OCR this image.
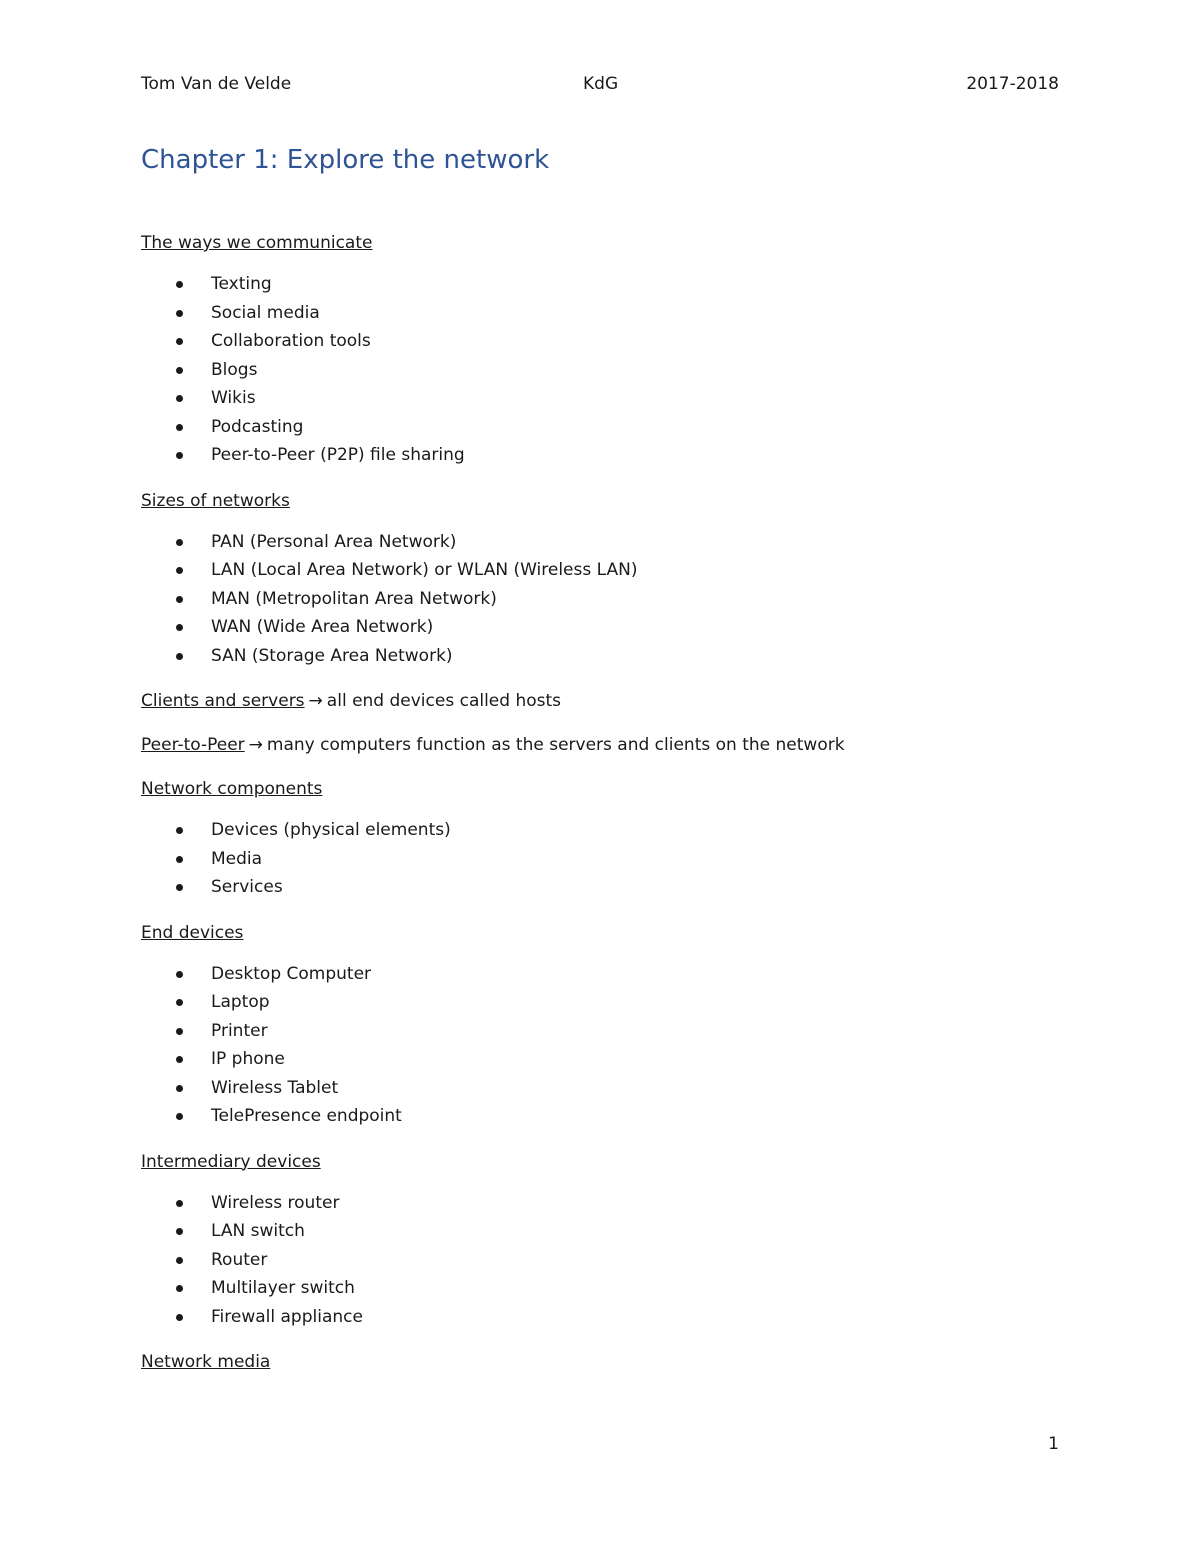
Tom Van de Velde	KdG	2017-2018
Chapter 1: Explore the network
The ways we communicate
Texting
Social media
Collaboration tools
Blogs
Wikis
Podcasting
Peer-to-Peer (P2P) file sharing
Sizes of networks
PAN (Personal Area Network)
LAN (Local Area Network) or WLAN (Wireless LAN)
MAN (Metropolitan Area Network)
WAN (Wide Area Network)
SAN (Storage Area Network)
Clients and servers → all end devices called hosts
Peer-to-Peer → many computers function as the servers and clients on the network
Network components
Devices (physical elements)
Media
Services
End devices
Desktop Computer
Laptop
Printer
IP phone
Wireless Tablet
TelePresence endpoint
Intermediary devices
Wireless router
LAN switch
Router
Multilayer switch
Firewall appliance
Network media
1
